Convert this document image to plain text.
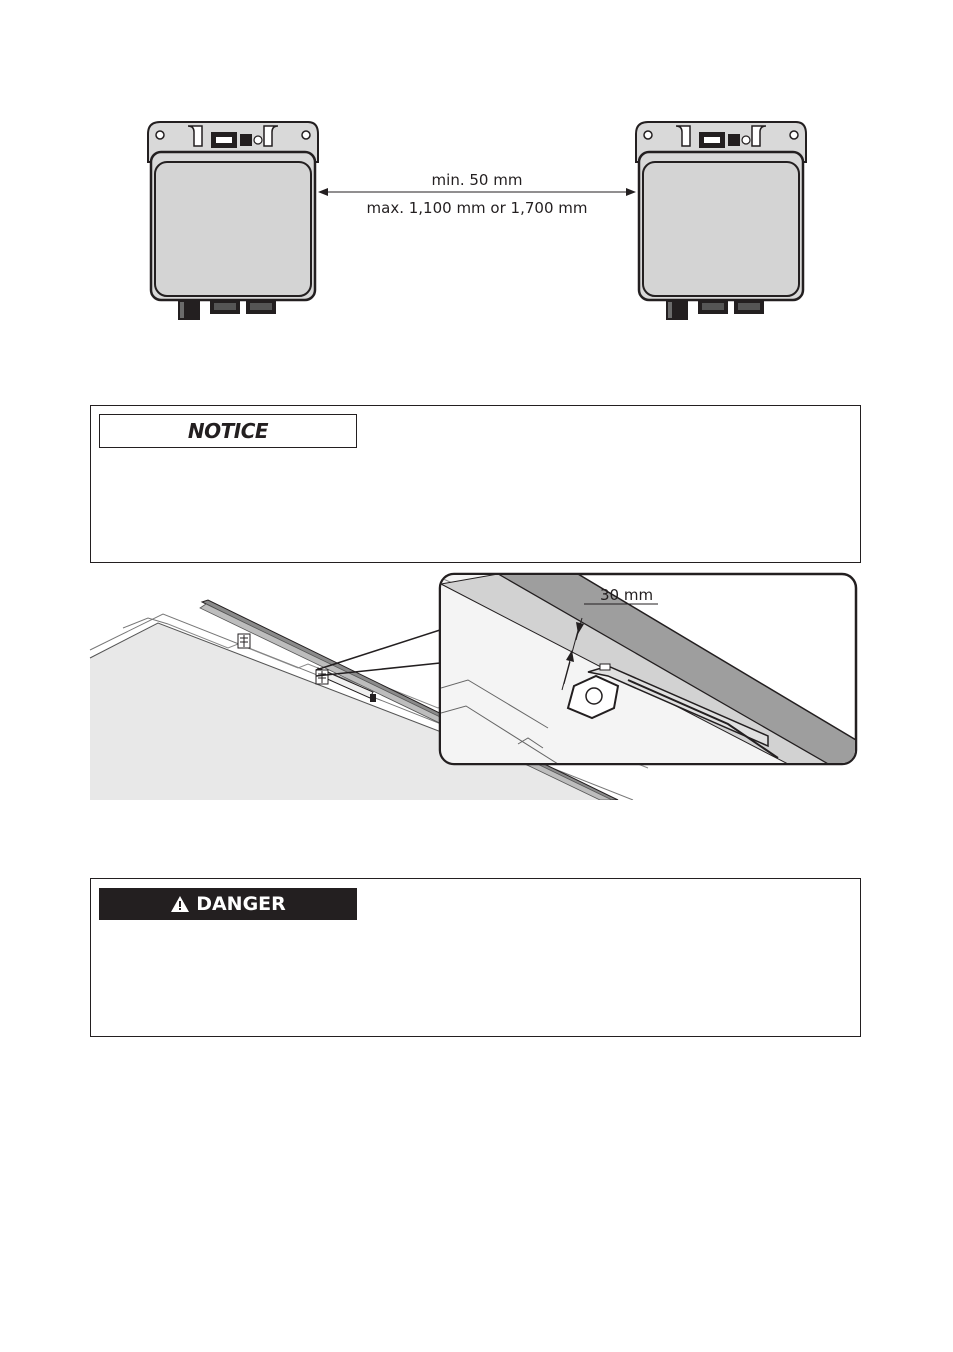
min. 50 mm
max. 1,100 mm or 1,700 mm
NOTICE
30 mm
DANGER
